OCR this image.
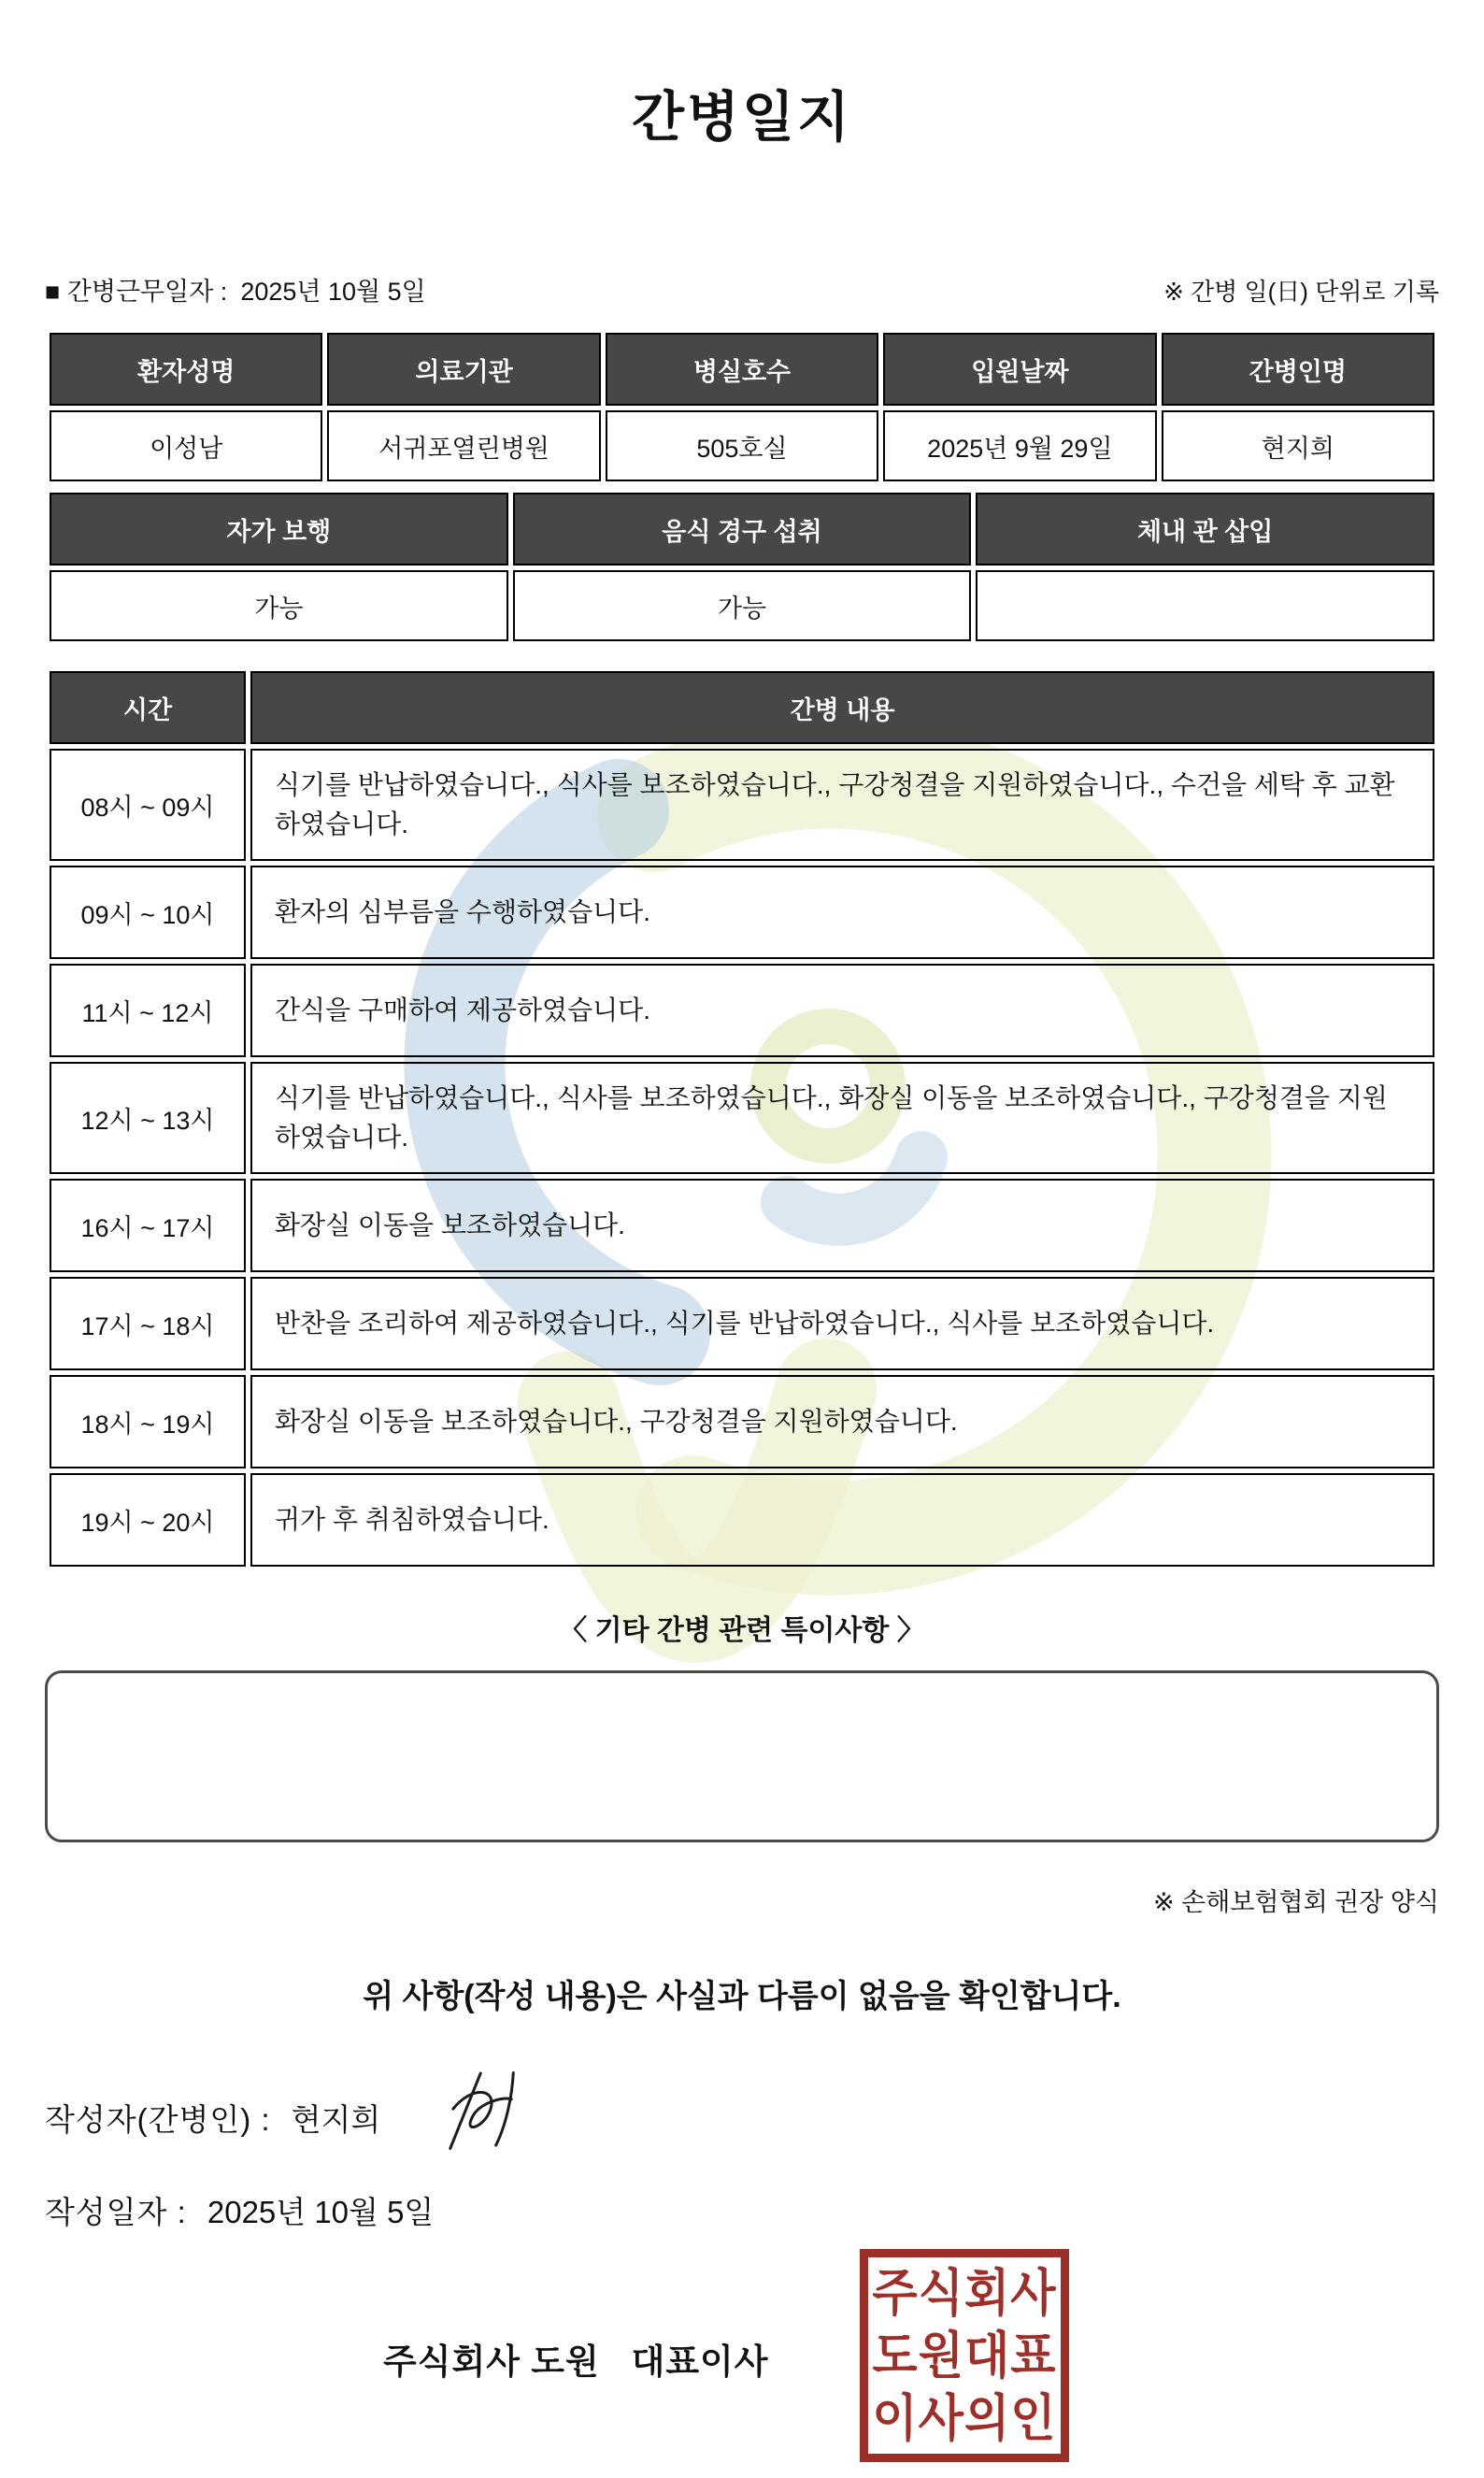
간병일지
■ 간병근무일자 : 2025년 10월 5일	※ 간병 일(日) 단위로 기록
환자성명	의료기관	병실호수	입원날짜	간병인명
이성남	서귀포열린병원	505호실	2025년 9월 29일	현지희
자가 보행	음식 경구 섭취	체내 관 삽입
가능	가능	
시간	간병 내용
08시 ~ 09시	식기를 반납하였습니다., 식사를 보조하였습니다., 구강청결을 지원하였습니다., 수건을 세탁 후 교환하였습니다.
09시 ~ 10시	환자의 심부름을 수행하였습니다.
11시 ~ 12시	간식을 구매하여 제공하였습니다.
12시 ~ 13시	식기를 반납하였습니다., 식사를 보조하였습니다., 화장실 이동을 보조하였습니다., 구강청결을 지원하였습니다.
16시 ~ 17시	화장실 이동을 보조하였습니다.
17시 ~ 18시	반찬을 조리하여 제공하였습니다., 식기를 반납하였습니다., 식사를 보조하였습니다.
18시 ~ 19시	화장실 이동을 보조하였습니다., 구강청결을 지원하였습니다.
19시 ~ 20시	귀가 후 취침하였습니다.
〈 기타 간병 관련 특이사항 〉
※ 손해보험협회 권장 양식
위 사항(작성 내용)은 사실과 다름이 없음을 확인합니다.
작성자(간병인) : 현지희
작성일자 : 2025년 10월 5일
주식회사 도원   대표이사
주식회사
도원대표
이사의인
